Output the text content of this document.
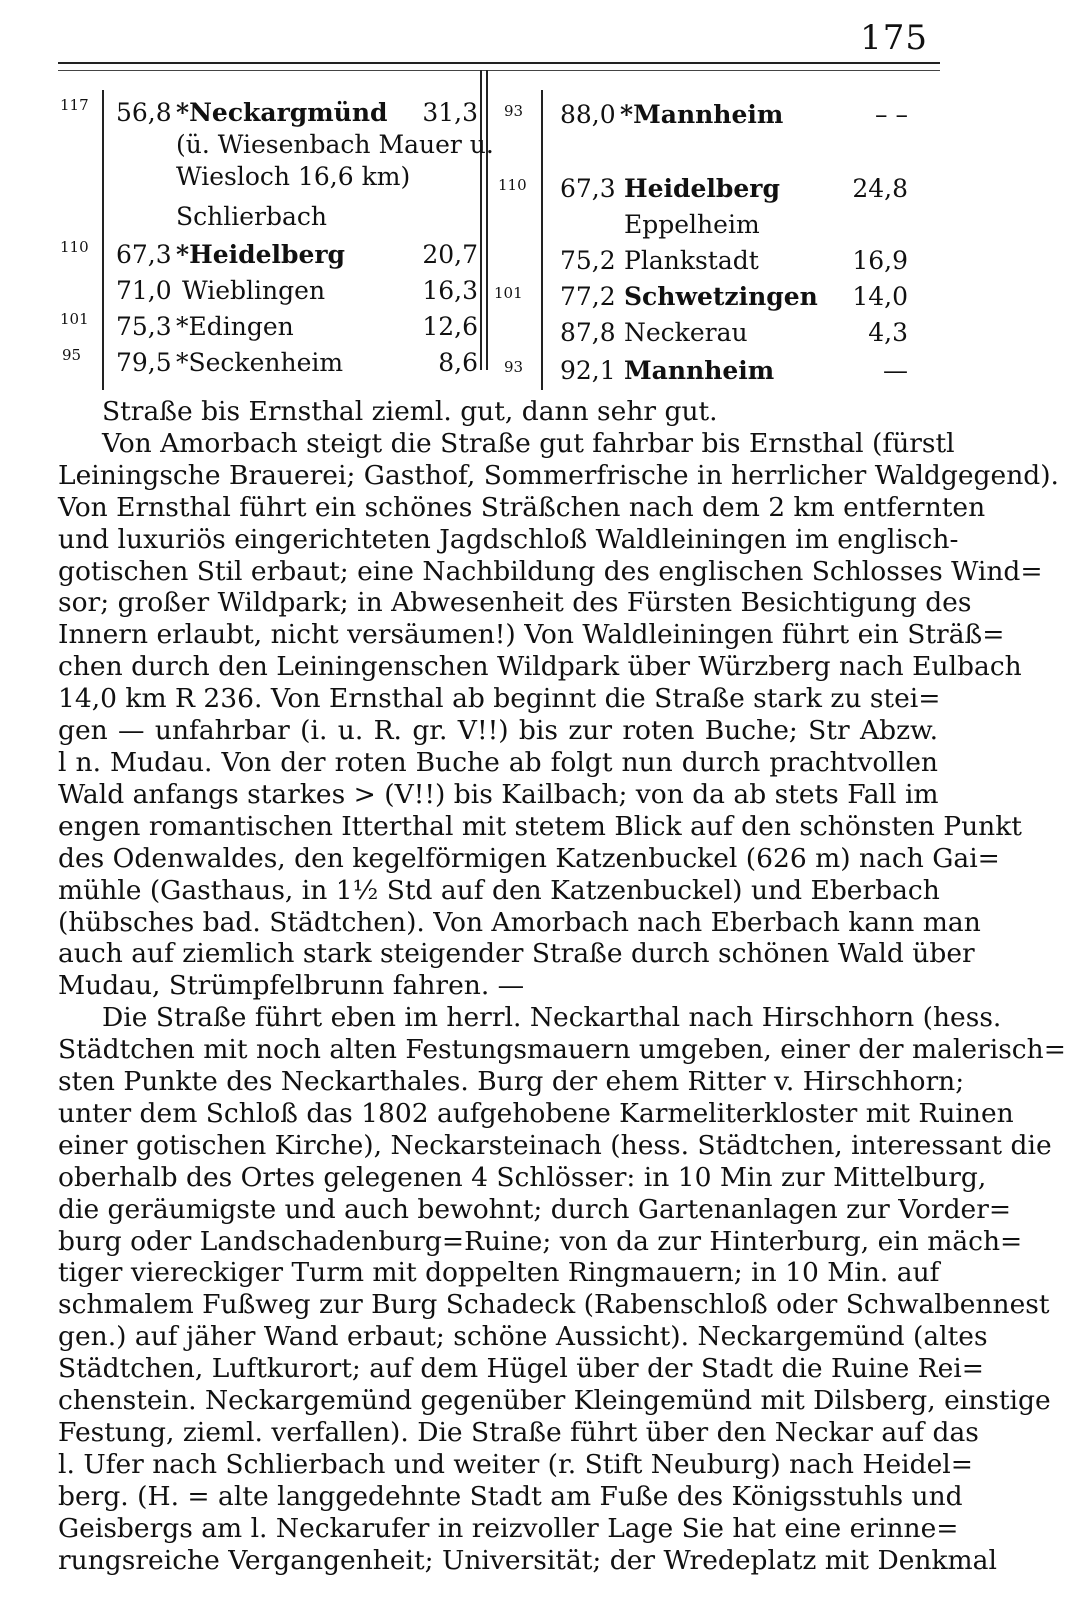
175
117 56,8 *Neckargmünd 31,3
(ü. Wiesenbach Mauer u.
Wiesloch 16,6 km)
Schlierbach
110 67,3 *Heidelberg	20,7
71,0 Wieblingen	16,3
101 75,3 *Edingen	12,6
95 79,5 *Seckenheim	8,6
93 88,0 *Mannheim	– –
110 67,3 Heidelberg	24,8
Eppelheim
75,2 Plankstadt	16,9
101 77,2 Schwetzingen 14,0
87,8 Neckerau	4,3
93 92,1 Mannheim	—
Straße bis Ernsthal zieml. gut, dann sehr gut.
Von Amorbach steigt die Straße gut fahrbar bis Ernsthal (fürstl
Leiningsche Brauerei; Gasthof, Sommerfrische in herrlicher Waldgegend).
Von Ernsthal führt ein schönes Sträßchen nach dem 2 km entfernten
und luxuriös eingerichteten Jagdschloß Waldleiningen im englisch-
gotischen Stil erbaut; eine Nachbildung des englischen Schlosses Wind=
sor; großer Wildpark; in Abwesenheit des Fürsten Besichtigung des
Innern erlaubt, nicht versäumen!) Von Waldleiningen führt ein Sträß=
chen durch den Leiningenschen Wildpark über Würzberg nach Eulbach
14,0 km R 236. Von Ernsthal ab beginnt die Straße stark zu stei=
gen — unfahrbar (i. u. R. gr. V!!) bis zur roten Buche; Str Abzw.
l n. Mudau. Von der roten Buche ab folgt nun durch prachtvollen
Wald anfangs starkes > (V!!) bis Kailbach; von da ab stets Fall im
engen romantischen Itterthal mit stetem Blick auf den schönsten Punkt
des Odenwaldes, den kegelförmigen Katzenbuckel (626 m) nach Gai=
mühle (Gasthaus, in 1½ Std auf den Katzenbuckel) und Eberbach
(hübsches bad. Städtchen). Von Amorbach nach Eberbach kann man
auch auf ziemlich stark steigender Straße durch schönen Wald über
Mudau, Strümpfelbrunn fahren. —
Die Straße führt eben im herrl. Neckarthal nach Hirschhorn (hess.
Städtchen mit noch alten Festungsmauern umgeben, einer der malerisch=
sten Punkte des Neckarthales. Burg der ehem Ritter v. Hirschhorn;
unter dem Schloß das 1802 aufgehobene Karmeliterkloster mit Ruinen
einer gotischen Kirche), Neckarsteinach (hess. Städtchen, interessant die
oberhalb des Ortes gelegenen 4 Schlösser: in 10 Min zur Mittelburg,
die geräumigste und auch bewohnt; durch Gartenanlagen zur Vorder=
burg oder Landschadenburg=Ruine; von da zur Hinterburg, ein mäch=
tiger viereckiger Turm mit doppelten Ringmauern; in 10 Min. auf
schmalem Fußweg zur Burg Schadeck (Rabenschloß oder Schwalbennest
gen.) auf jäher Wand erbaut; schöne Aussicht). Neckargemünd (altes
Städtchen, Luftkurort; auf dem Hügel über der Stadt die Ruine Rei=
chenstein. Neckargemünd gegenüber Kleingemünd mit Dilsberg, einstige
Festung, zieml. verfallen). Die Straße führt über den Neckar auf das
l. Ufer nach Schlierbach und weiter (r. Stift Neuburg) nach Heidel=
berg. (H. = alte langgedehnte Stadt am Fuße des Königsstuhls und
Geisbergs am l. Neckarufer in reizvoller Lage Sie hat eine erinne=
rungsreiche Vergangenheit; Universität; der Wredeplatz mit Denkmal
